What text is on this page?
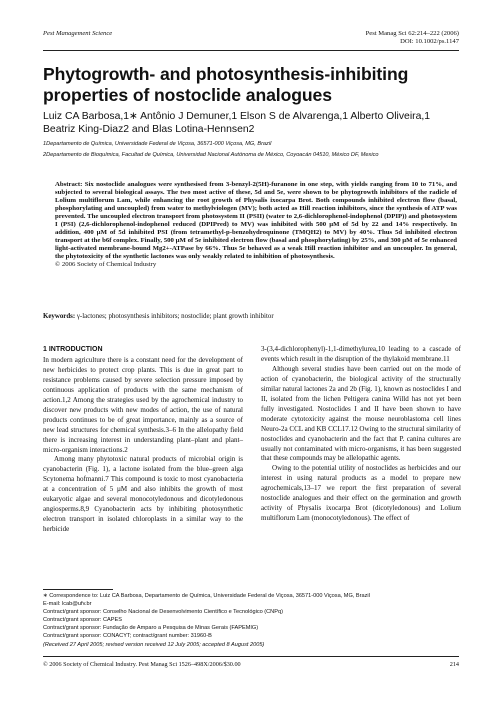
Pest Management Science	Pest Manag Sci 62:214–222 (2006)
DOI: 10.1002/ps.1147
Phytogrowth- and photosynthesis-inhibiting properties of nostoclide analogues
Luiz CA Barbosa,1∗ Antônio J Demuner,1 Elson S de Alvarenga,1 Alberto Oliveira,1
Beatriz King-Diaz2 and Blas Lotina-Hennsen2
1Departamento de Química, Universidade Federal de Viçosa, 36571-000 Viçosa, MG, Brazil
2Departamento de Bioquímica, Facultad de Química, Universidad Nacional Autónoma de México, Coyoacán 04510, México DF, Mexico
Abstract: Six nostoclide analogues were synthesised from 3-benzyl-2(5H)-furanone in one step, with yields ranging from 10 to 71%, and subjected to several biological assays. The two most active of these, 5d and 5e, were shown to be phytogrowth inhibitors of the radicle of Lolium multiflorum Lam, while enhancing the root growth of Physalis ixocarpa Brot. Both compounds inhibited electron flow (basal, phosphorylating and uncoupled) from water to methylviologen (MV); both acted as Hill reaction inhibitors, since the synthesis of ATP was prevented. The uncoupled electron transport from photosystem II (PSII) (water to 2,6-dichlorophenol-indophenol (DPIP)) and photosystem I (PSI) (2,6-dichlorophenol-indophenol reduced (DPIPred) to MV) was inhibited with 500 µM of 5d by 22 and 14% respectively. In addition, 400 µM of 5d inhibited PSI (from tetramethyl-p-benzohydroquinone (TMQH2) to MV) by 40%. Thus 5d inhibited electron transport at the b6f complex. Finally, 500 µM of 5e inhibited electron flow (basal and phosphorylating) by 25%, and 300 µM of 5e enhanced light-activated membrane-bound Mg2+-ATPase by 66%. Thus 5e behaved as a weak Hill reaction inhibitor and an uncoupler. In general, the phytotoxicity of the synthetic lactones was only weakly related to inhibition of photosynthesis.
© 2006 Society of Chemical Industry
Keywords: γ-lactones; photosynthesis inhibitors; nostoclide; plant growth inhibitor
1 INTRODUCTION

In modern agriculture there is a constant need for the development of new herbicides to protect crop plants. This is due in great part to resistance problems caused by severe selection pressure imposed by continuous application of products with the same mechanism of action.1,2 Among the strategies used by the agrochemical industry to discover new products with new modes of action, the use of natural products continues to be of great importance, mainly as a source of new lead structures for chemical synthesis.3–6 In the allelopathy field there is increasing interest in understanding plant–plant and plant–micro-organism interactions.2

Among many phytotoxic natural products of microbial origin is cyanobacterin (Fig. 1), a lactone isolated from the blue–green alga Scytonema hofmanni.7 This compound is toxic to most cyanobacteria at a concentration of 5 µM and also inhibits the growth of most eukaryotic algae and several monocotyledonous and dicotyledonous angiosperms.8,9 Cyanobacterin acts by inhibiting photosynthetic electron transport in isolated chloroplasts in a similar way to the herbicide

3-(3,4-dichlorophenyl)-1,1-dimethylurea,10 leading to a cascade of events which result in the disruption of the thylakoid membrane.11

Although several studies have been carried out on the mode of action of cyanobacterin, the biological activity of the structurally similar natural lactones 2a and 2b (Fig. 1), known as nostoclides I and II, isolated from the lichen Peltigera canina Willd has not yet been fully investigated. Nostoclides I and II have been shown to have moderate cytotoxicity against the mouse neuroblastoma cell lines Neuro-2a CCL and KB CCL17.12 Owing to the structural similarity of nostoclides and cyanobacterin and the fact that P. canina cultures are usually not contaminated with micro-organisms, it has been suggested that these compounds may be allelopathic agents.

Owing to the potential utility of nostoclides as herbicides and our interest in using natural products as a model to prepare new agrochemicals,13–17 we report the first preparation of several nostoclide analogues and their effect on the germination and growth activity of Physalis ixocarpa Brot (dicotyledonous) and Lolium multiflorum Lam (monocotyledonous). The effect of

∗ Correspondence to: Luiz CA Barbosa, Departamento de Química, Universidade Federal de Viçosa, 36571-000 Viçosa, MG, Brazil
E-mail: lcab@ufv.br
Contract/grant sponsor: Conselho Nacional de Desenvolvimento Científico e Tecnológico (CNPq)
Contract/grant sponsor: CAPES
Contract/grant sponsor: Fundação de Amparo a Pesquisa de Minas Gerais (FAPEMIG)
Contract/grant sponsor: CONACYT; contract/grant number: 31960-B
(Received 27 April 2005; revised version received 12 July 2005; accepted 8 August 2005)
© 2006 Society of Chemical Industry. Pest Manag Sci 1526–498X/2006/$30.00	214
